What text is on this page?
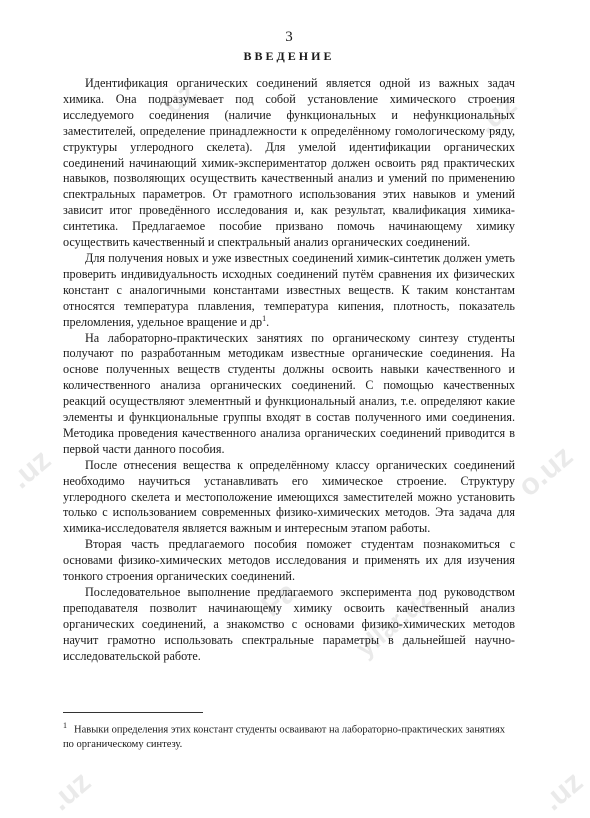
.uz	.uz
.uz	o.uz
Fa
.uz	.uz
yllar.uz

3

ВВЕДЕНИЕ

Идентификация органических соединений является одной из важных задач химика. Она подразумевает под собой установление химического строения исследуемого соединения (наличие функциональных и нефункциональных заместителей, определение принадлежности к определённому гомологическому ряду, структуры углеродного скелета). Для умелой идентификации органических соединений начинающий химик-экспериментатор должен освоить ряд практических навыков, позволяющих осуществить качественный анализ и умений по применению спектральных параметров. От грамотного использования этих навыков и умений зависит итог проведённого исследования и, как результат, квалификация химика-синтетика. Предлагаемое пособие призвано помочь начинающему химику осуществить качественный и спектральный анализ органических соединений.

Для получения новых и уже известных соединений химик-синтетик должен уметь проверить индивидуальность исходных соединений путём сравнения их физических констант с аналогичными константами известных веществ. К таким константам относятся температура плавления, температура кипения, плотность, показатель преломления, удельное вращение и $др^1$.

На лабораторно-практических занятиях по органическому синтезу студенты получают по разработанным методикам известные органические соединения. На основе полученных веществ студенты должны освоить навыки качественного и количественного анализа органических соединений. С помощью качественных реакций осуществляют элементный и функциональный анализ, т.е. определяют какие элементы и функциональные группы входят в состав полученного ими соединения. Методика проведения качественного анализа органических соединений приводится в первой части данного пособия.

После отнесения вещества к определённому классу органических соединений необходимо научиться устанавливать его химическое строение. Структуру углеродного скелета и местоположение имеющихся заместителей можно установить только с использованием современных физико-химических методов. Эта задача для химика-исследователя является важным и интересным этапом работы.

Вторая часть предлагаемого пособия поможет студентам познакомиться с основами физико-химических методов исследования и применять их для изучения тонкого строения органических соединений.

Последовательное выполнение предлагаемого эксперимента под руководством преподавателя позволит начинающему химику освоить качественный анализ органических соединений, а знакомство с основами физико-химических методов научит грамотно использовать спектральные параметры в дальнейшей научно-исследовательской работе.

$^1$ Навыки определения этих констант студенты осваивают на лабораторно-практических занятиях по органическому синтезу.
